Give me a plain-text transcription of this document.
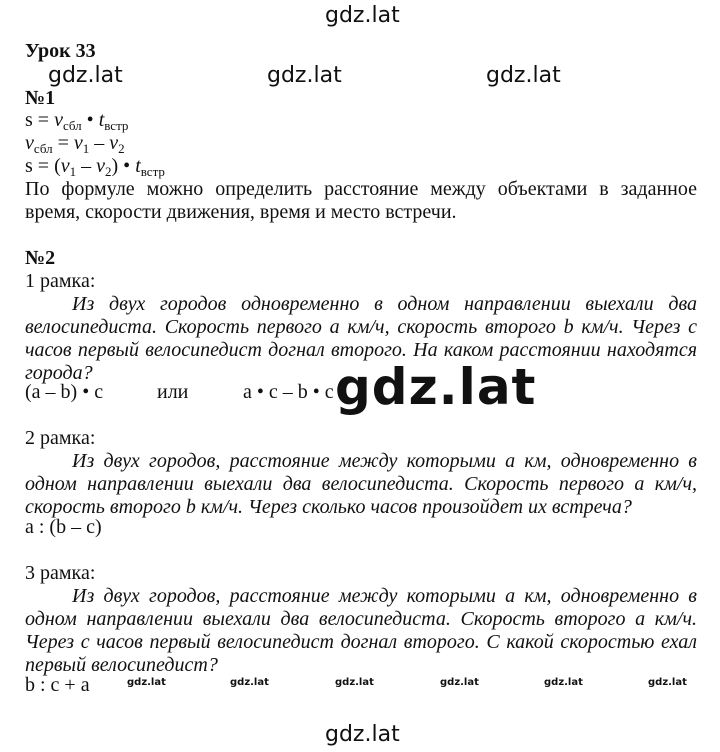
gdz.lat
gdz.lat	gdz.lat	gdz.lat
Урок 33
№1
$s = v_{сбл}$ • $t_{встр}$
$v_{сбл} = v_1 - v_2$
$s = (v_1 - v_2)$ • $t_{встр}$
По формуле можно определить расстояние между объектами в заданное время, скорости движения, время и место встречи.
№2
1 рамка:
Из двух городов одновременно в одном направлении выехали два велосипедиста. Скорость первого а км/ч, скорость второго b км/ч. Через с часов первый велосипедист догнал второго. На каком расстоянии находятся города?
(a – b) • c	или	a • c – b • c gdz.lat
2 рамка:
Из двух городов, расстояние между которыми а км, одновременно в одном направлении выехали два велосипедиста. Скорость первого а км/ч, скорость второго b км/ч. Через сколько часов произойдет их встреча?
a : (b – c)
3 рамка:
Из двух городов, расстояние между которыми а км, одновременно в одном направлении выехали два велосипедиста. Скорость второго а км/ч. Через с часов первый велосипедист догнал второго. С какой скоростью ехал первый велосипедист?
b : c + a	gdz.lat	gdz.lat	gdz.lat	gdz.lat	gdz.lat	gdz.lat
gdz.lat
